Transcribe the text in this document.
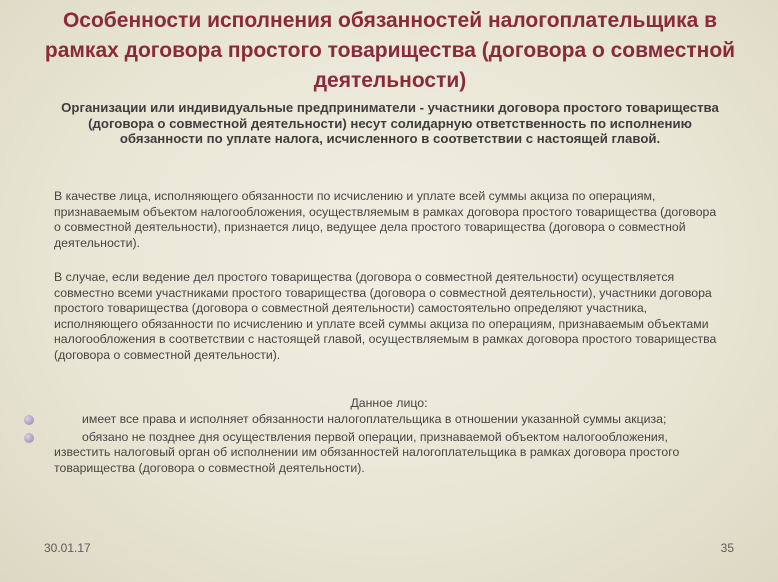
Особенности исполнения обязанностей налогоплательщика в рамках договора простого товарищества (договора о совместной деятельности)

Организации или индивидуальные предприниматели - участники договора простого товарищества (договора о совместной деятельности) несут солидарную ответственность по исполнению обязанности по уплате налога, исчисленного в соответствии с настоящей главой.

В качестве лица, исполняющего обязанности по исчислению и уплате всей суммы акциза по операциям, признаваемым объектом налогообложения, осуществляемым в рамках договора простого товарищества (договора о совместной деятельности), признается лицо, ведущее дела простого товарищества (договора о совместной деятельности).

В случае, если ведение дел простого товарищества (договора о совместной деятельности) осуществляется совместно всеми участниками простого товарищества (договора о совместной деятельности), участники договора простого товарищества (договора о совместной деятельности) самостоятельно определяют участника, исполняющего обязанности по исчислению и уплате всей суммы акциза по операциям, признаваемым объектами налогообложения в соответствии с настоящей главой, осуществляемым в рамках договора простого товарищества (договора о совместной деятельности).

Данное лицо:

имеет все права и исполняет обязанности налогоплательщика в отношении указанной суммы акциза;
обязано не позднее дня осуществления первой операции, признаваемой объектом налогообложения, известить налоговый орган об исполнении им обязанностей налогоплательщика в рамках договора простого товарищества (договора о совместной деятельности).
30.01.17	35
